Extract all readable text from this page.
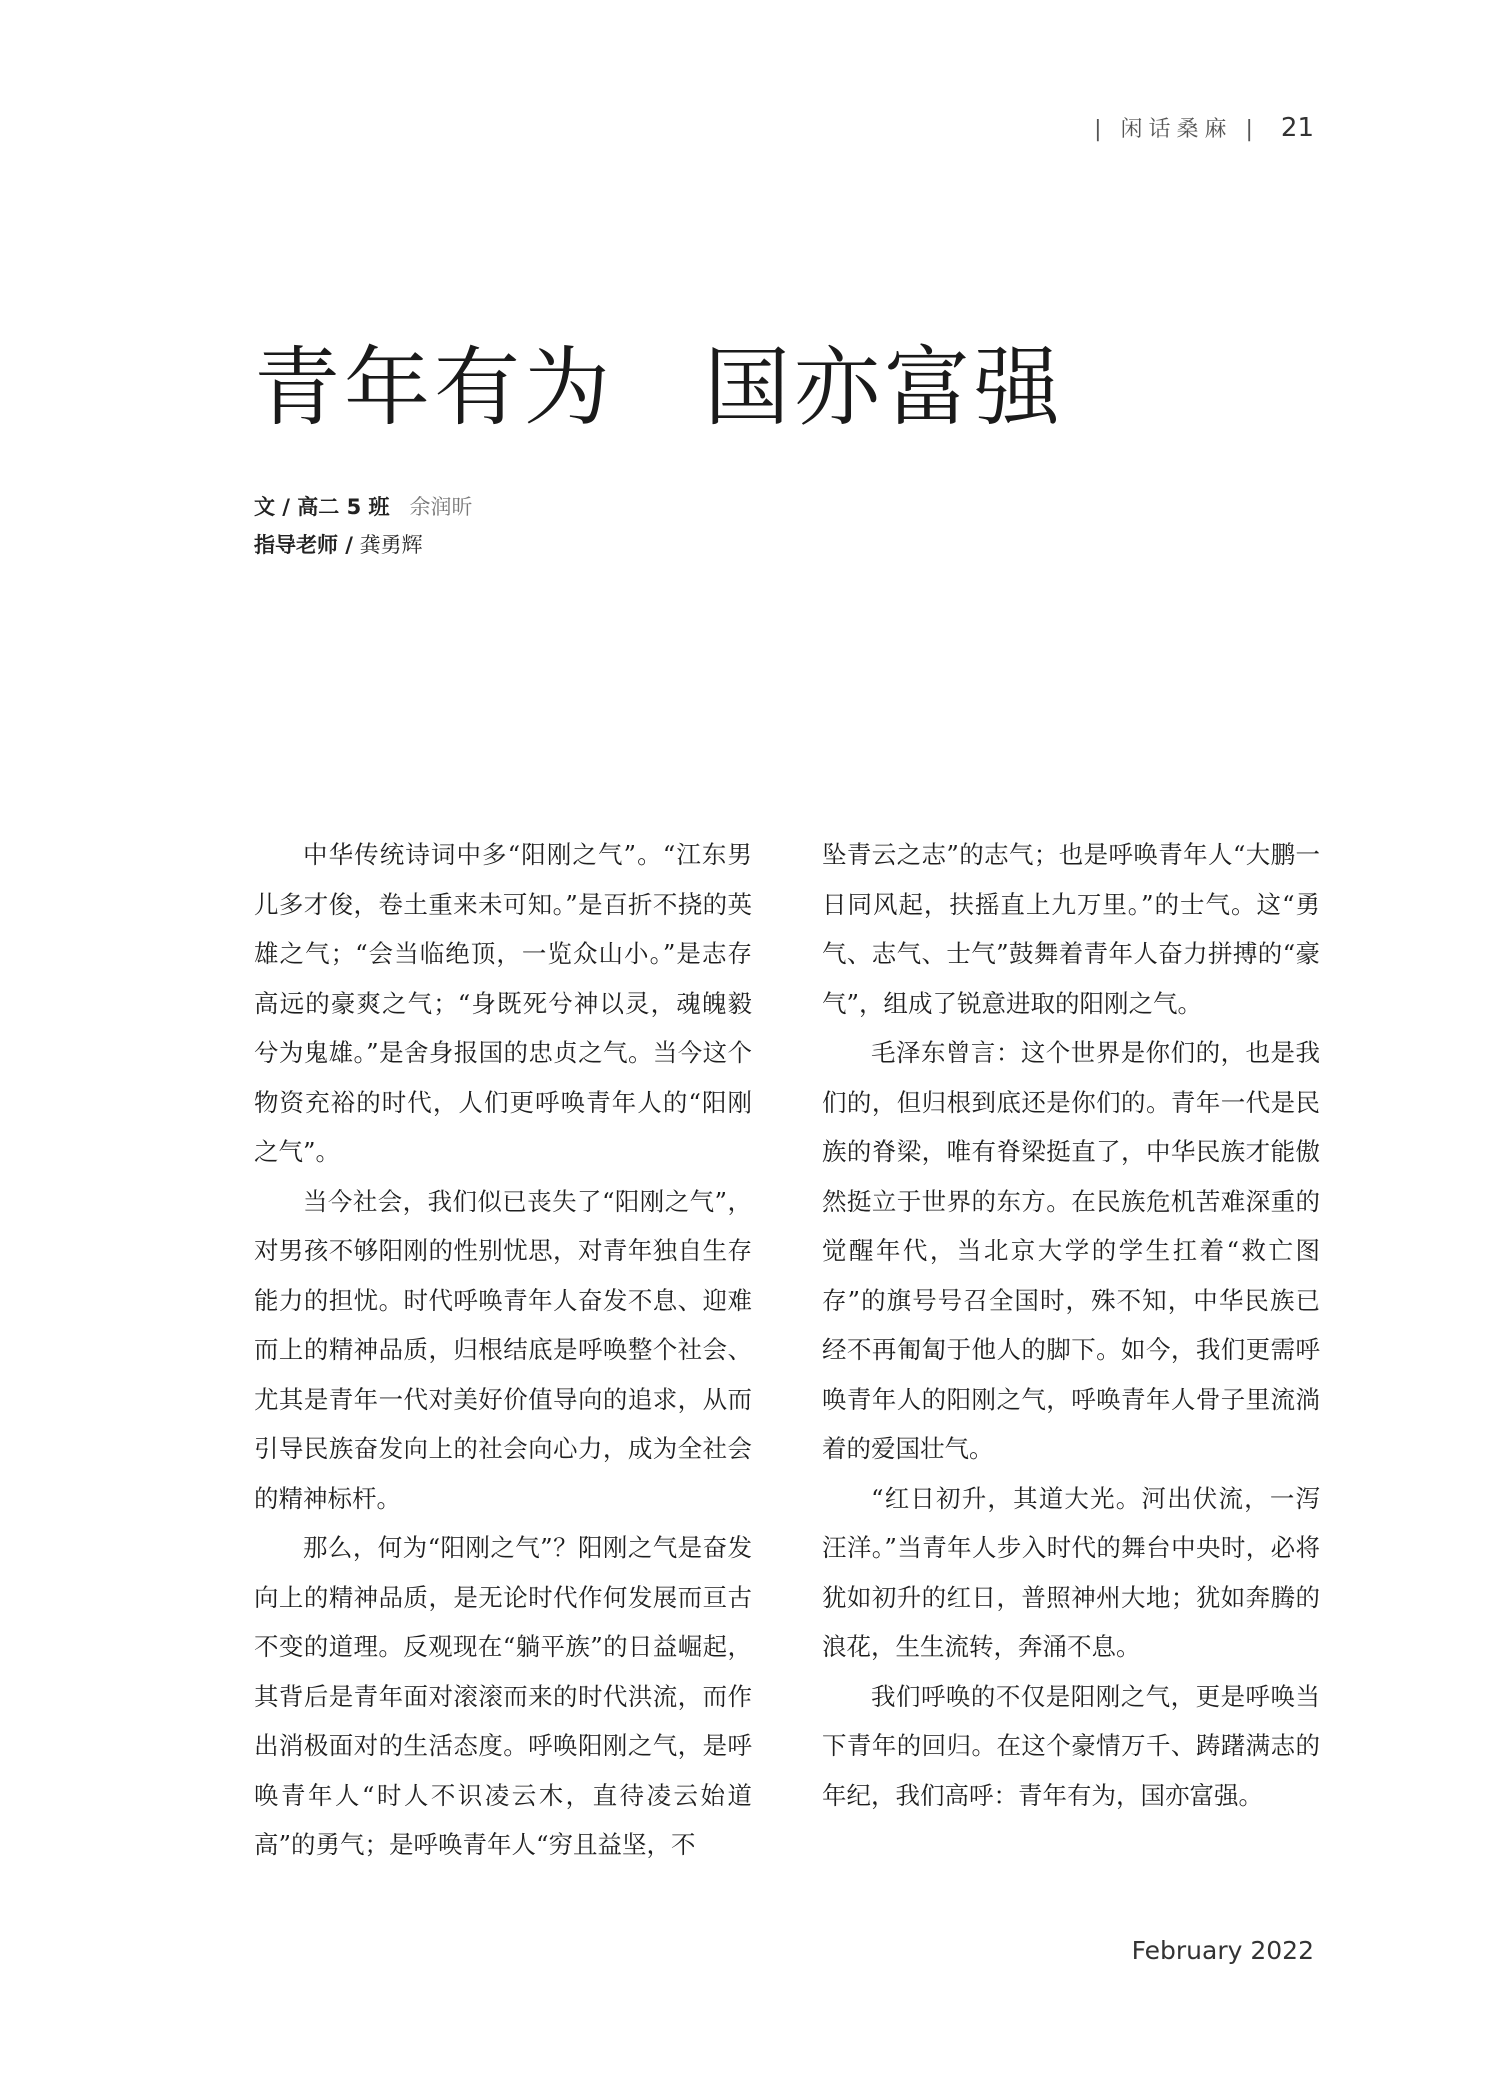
| 闲话桑麻 | 21
青年有为　国亦富强
文 / 高二 5 班 余润昕
指导老师 / 龚勇辉

中华传统诗词中多“阳刚之气”。“江东男儿多才俊，卷土重来未可知。”是百折不挠的英雄之气；“会当临绝顶，一览众山小。”是志存高远的豪爽之气；“身既死兮神以灵，魂魄毅兮为鬼雄。”是舍身报国的忠贞之气。当今这个物资充裕的时代，人们更呼唤青年人的“阳刚之气”。

当今社会，我们似已丧失了“阳刚之气”，对男孩不够阳刚的性别忧思，对青年独自生存能力的担忧。时代呼唤青年人奋发不息、迎难而上的精神品质，归根结底是呼唤整个社会、尤其是青年一代对美好价值导向的追求，从而引导民族奋发向上的社会向心力，成为全社会的精神标杆。

那么，何为“阳刚之气”？阳刚之气是奋发向上的精神品质，是无论时代作何发展而亘古不变的道理。反观现在“躺平族”的日益崛起，其背后是青年面对滚滚而来的时代洪流，而作出消极面对的生活态度。呼唤阳刚之气，是呼唤青年人“时人不识凌云木，直待凌云始道高”的勇气；是呼唤青年人“穷且益坚，不

坠青云之志”的志气；也是呼唤青年人“大鹏一日同风起，扶摇直上九万里。”的士气。这“勇气、志气、士气”鼓舞着青年人奋力拼搏的“豪气”，组成了锐意进取的阳刚之气。

毛泽东曾言：这个世界是你们的，也是我们的，但归根到底还是你们的。青年一代是民族的脊梁，唯有脊梁挺直了，中华民族才能傲然挺立于世界的东方。在民族危机苦难深重的觉醒年代，当北京大学的学生扛着“救亡图存”的旗号号召全国时，殊不知，中华民族已经不再匍匐于他人的脚下。如今，我们更需呼唤青年人的阳刚之气，呼唤青年人骨子里流淌着的爱国壮气。

“红日初升，其道大光。河出伏流，一泻汪洋。”当青年人步入时代的舞台中央时，必将犹如初升的红日，普照神州大地；犹如奔腾的浪花，生生流转，奔涌不息。

我们呼唤的不仅是阳刚之气，更是呼唤当下青年的回归。在这个豪情万千、踌躇满志的年纪，我们高呼：青年有为，国亦富强。

February 2022
